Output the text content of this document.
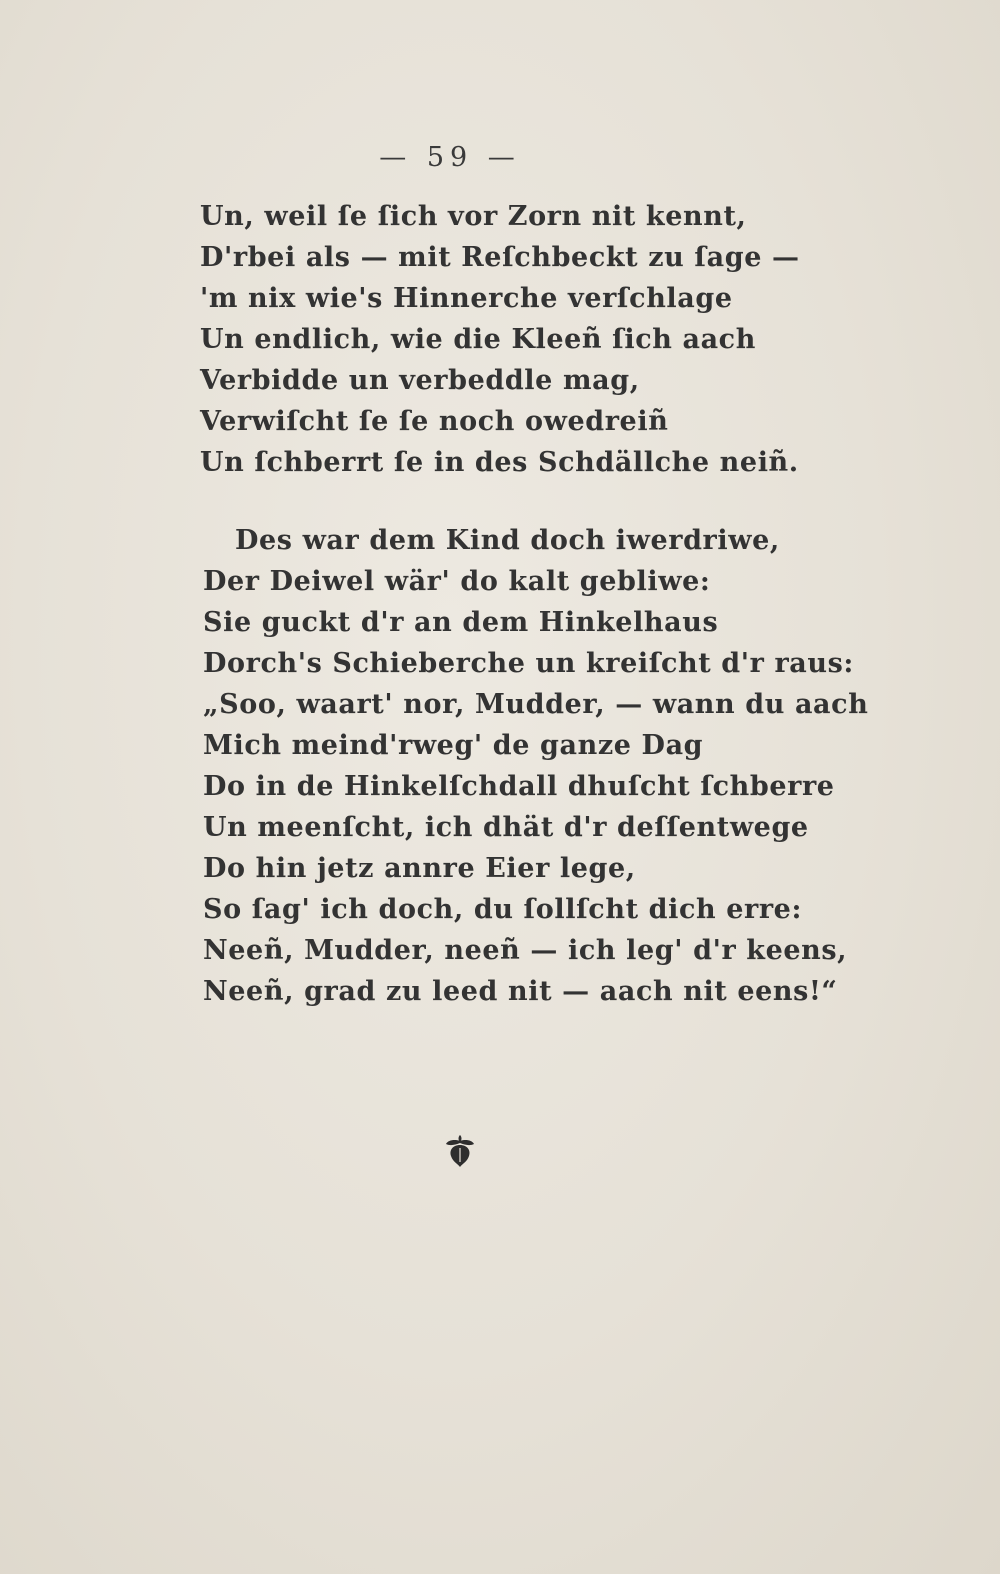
— 59 —
Un, weil ſe ſich vor Zorn nit kennt,
D'rbei als — mit Reſchbeckt zu ſage —
'm nix wie's Hinnerche verſchlage
Un endlich, wie die Kleeñ ſich aach
Verbidde un verbeddle mag,
Verwiſcht ſe ſe noch owedreiñ
Un ſchberrt ſe in des Schdällche neiñ.
Des war dem Kind doch iwerdriwe,
Der Deiwel wär' do kalt gebliwe:
Sie guckt d'r an dem Hinkelhaus
Dorch's Schieberche un kreiſcht d'r raus:
„Soo, waart' nor, Mudder, — wann du aach
Mich meind'rweg' de ganze Dag
Do in de Hinkelſchdall dhuſcht ſchberre
Un meenſcht, ich dhät d'r deſſentwege
Do hin jetz annre Eier lege,
So ſag' ich doch, du ſollſcht dich erre:
Neeñ, Mudder, neeñ — ich leg' d'r keens,
Neeñ, grad zu leed nit — aach nit eens!“
